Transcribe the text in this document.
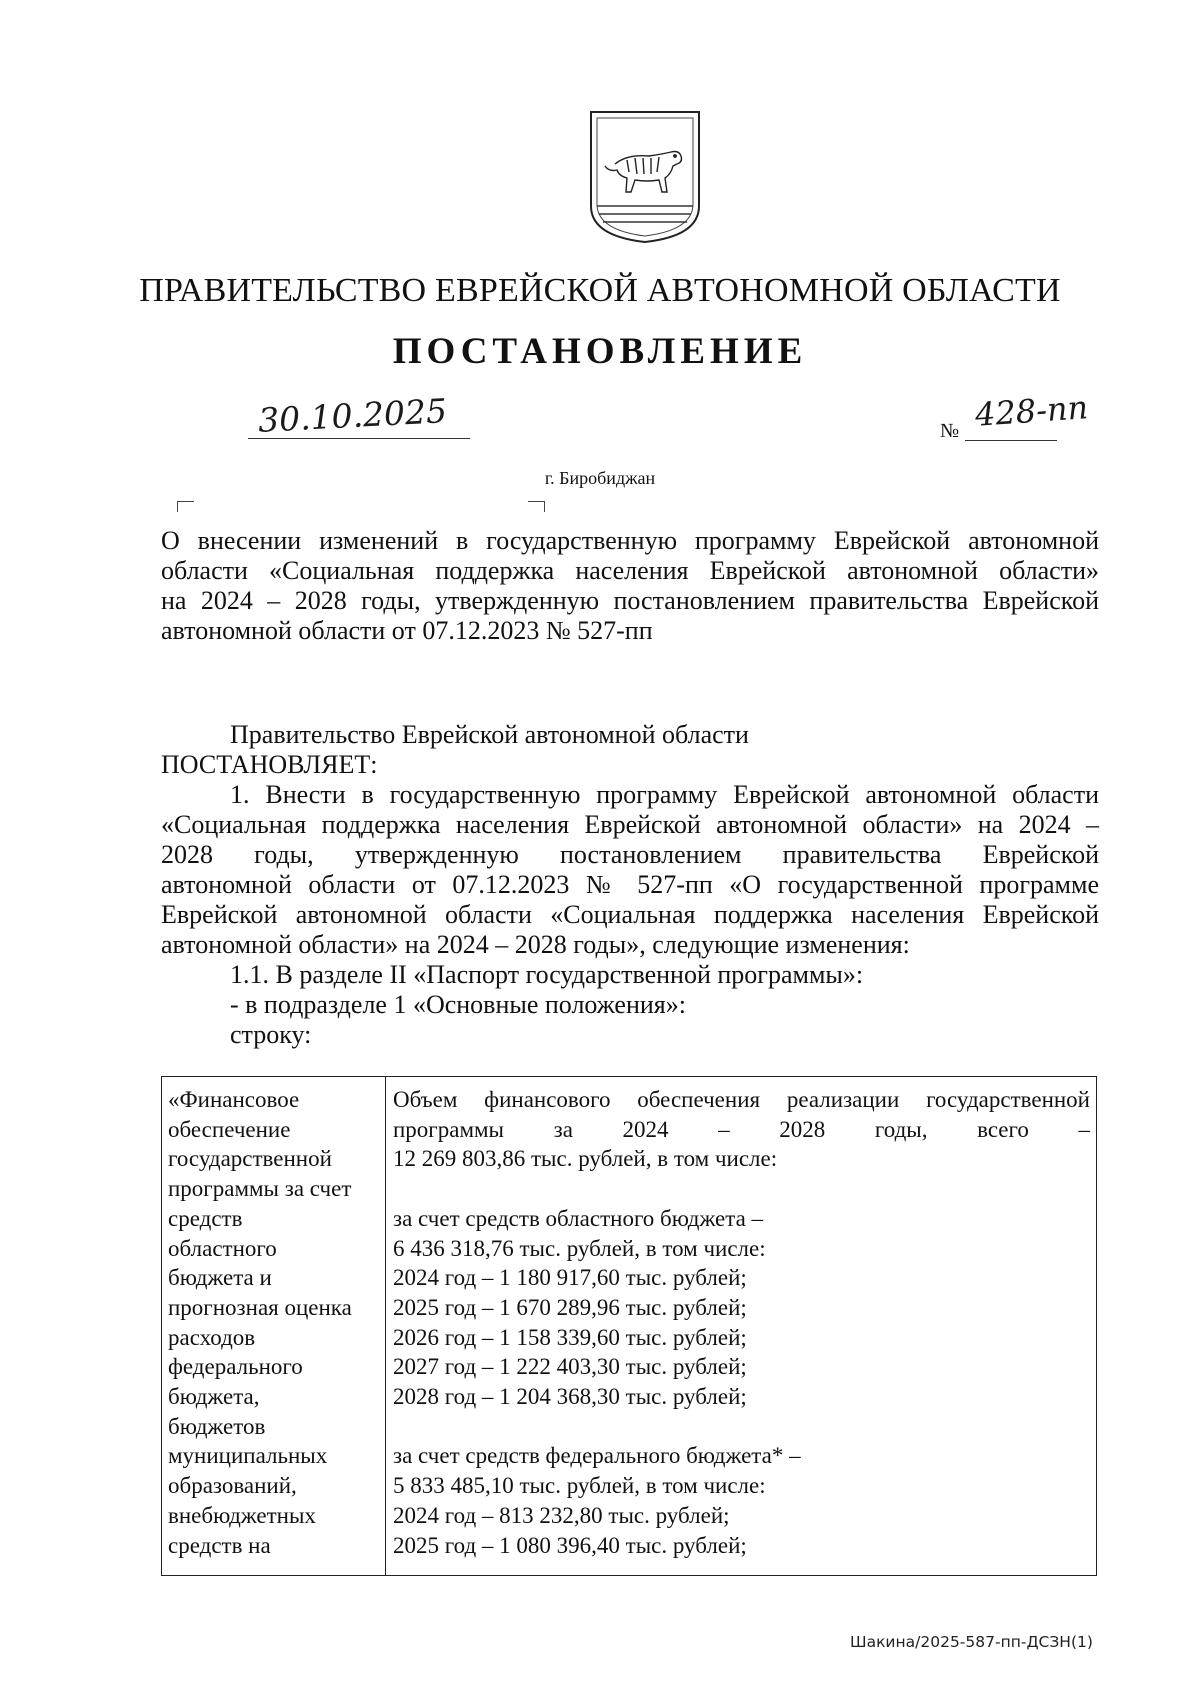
ПРАВИТЕЛЬСТВО ЕВРЕЙСКОЙ АВТОНОМНОЙ ОБЛАСТИ
ПОСТАНОВЛЕНИЕ
30.10.2025	№ 428-пп
г. Биробиджан

О внесении изменений в государственную программу Еврейской автономной

области «Социальная поддержка населения Еврейской автономной области»

на 2024 – 2028 годы, утвержденную постановлением правительства Еврейской

автономной области от 07.12.2023 № 527-пп

Правительство Еврейской автономной области

ПОСТАНОВЛЯЕТ:

1. Внести в государственную программу Еврейской автономной области

«Социальная поддержка населения Еврейской автономной области» на 2024 –

2028 годы, утвержденную постановлением правительства Еврейской

автономной области от 07.12.2023 № 527-пп «О государственной программе

Еврейской автономной области «Социальная поддержка населения Еврейской

автономной области» на 2024 – 2028 годы», следующие изменения:

1.1. В разделе II «Паспорт государственной программы»:

- в подразделе 1 «Основные положения»:

строку:

«Финансовое
обеспечение
государственной
программы за счет
средств
областного
бюджета и
прогнозная оценка
расходов
федерального
бюджета,
бюджетов
муниципальных
образований,
внебюджетных
средств на
Объем финансового обеспечения реализации государственной
программы за 2024 – 2028 годы, всего –
12 269 803,86 тыс. рублей, в том числе:

за счет средств областного бюджета –
6 436 318,76 тыс. рублей, в том числе:
2024 год – 1 180 917,60 тыс. рублей;
2025 год – 1 670 289,96 тыс. рублей;
2026 год – 1 158 339,60 тыс. рублей;
2027 год – 1 222 403,30 тыс. рублей;
2028 год – 1 204 368,30 тыс. рублей;

за счет средств федерального бюджета* –
5 833 485,10 тыс. рублей, в том числе:
2024 год – 813 232,80 тыс. рублей;
2025 год – 1 080 396,40 тыс. рублей;
Шакина/2025-587-пп-ДСЗН(1)
